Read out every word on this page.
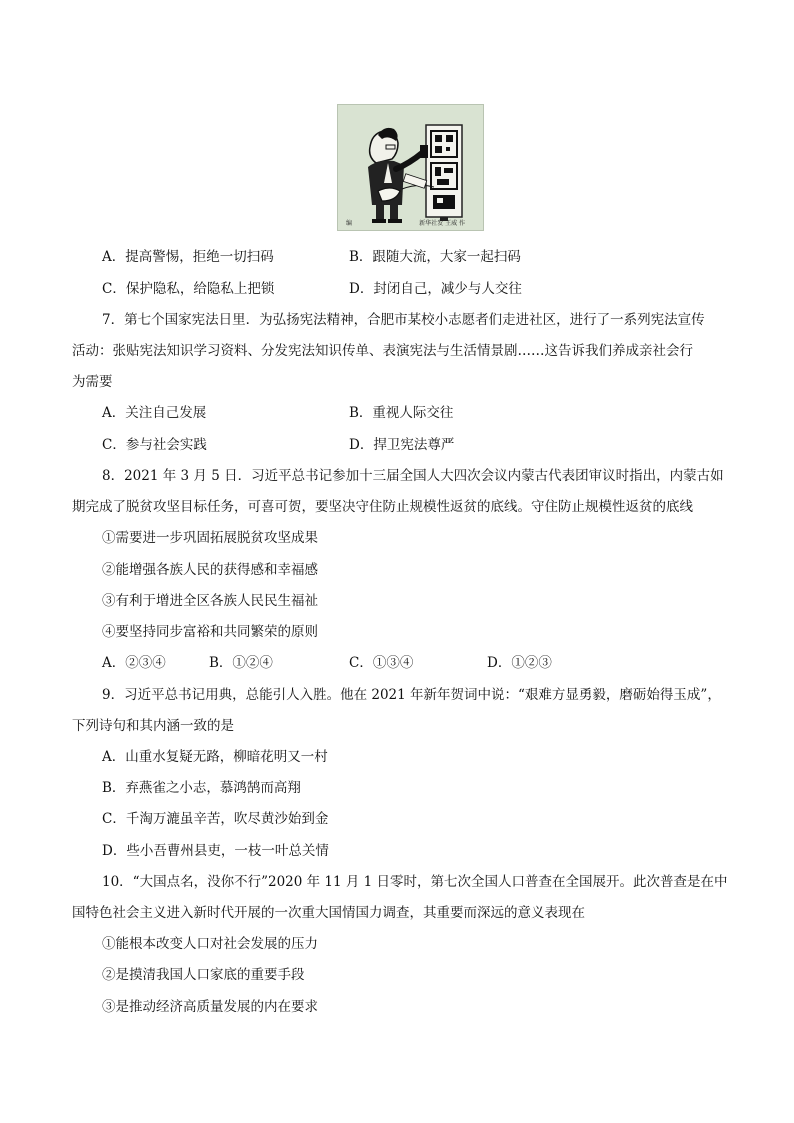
编	新华社发 王威 作
A．提高警惕，拒绝一切扫码	B．跟随大流，大家一起扫码
C．保护隐私，给隐私上把锁	D．封闭自己，减少与人交往
7．第七个国家宪法日里．为弘扬宪法精神，合肥市某校小志愿者们走进社区，进行了一系列宪法宣传
活动：张贴宪法知识学习资料、分发宪法知识传单、表演宪法与生活情景剧……这告诉我们养成亲社会行
为需要
A．关注自己发展	B．重视人际交往
C．参与社会实践	D．捍卫宪法尊严
8．2021 年 3 月 5 日．习近平总书记参加十三届全国人大四次会议内蒙古代表团审议时指出，内蒙古如
期完成了脱贫攻坚目标任务，可喜可贺，要坚决守住防止规模性返贫的底线。守住防止规模性返贫的底线
①需要进一步巩固拓展脱贫攻坚成果
②能增强各族人民的获得感和幸福感
③有利于增进全区各族人民民生福祉
④要坚持同步富裕和共同繁荣的原则
A．②③④	B．①②④	C．①③④	D．①②③
9．习近平总书记用典，总能引人入胜。他在 2021 年新年贺词中说：“艰难方显勇毅，磨砺始得玉成”，
下列诗句和其内涵一致的是
A．山重水复疑无路，柳暗花明又一村
B．弃燕雀之小志，慕鸿鹄而高翔
C．千淘万漉虽辛苦，吹尽黄沙始到金
D．些小吾曹州县吏，一枝一叶总关情
10．“大国点名，没你不行”2020 年 11 月 1 日零时，第七次全国人口普查在全国展开。此次普查是在中
国特色社会主义进入新时代开展的一次重大国情国力调查，其重要而深远的意义表现在
①能根本改变人口对社会发展的压力
②是摸清我国人口家底的重要手段
③是推动经济高质量发展的内在要求
